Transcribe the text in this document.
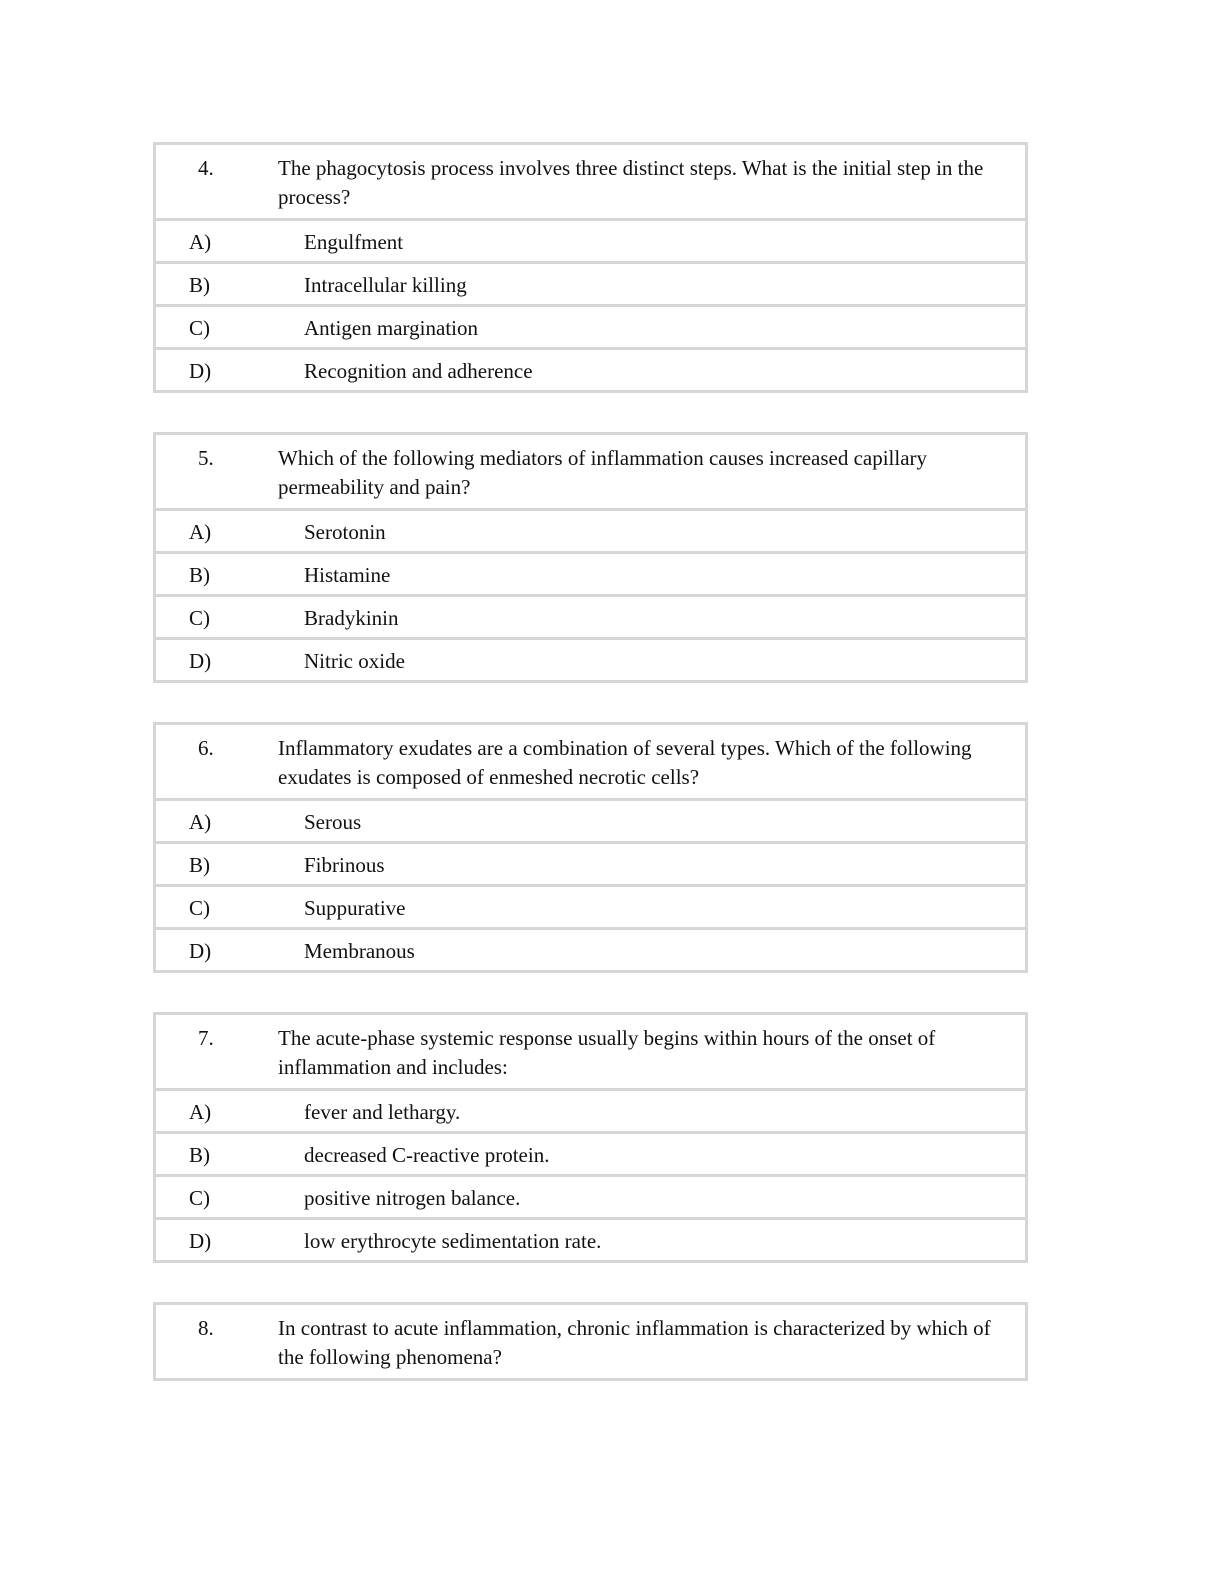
4.	The phagocytosis process involves three distinct steps. What is the initial step in the process?
A)	Engulfment
B)	Intracellular killing
C)	Antigen margination
D)	Recognition and adherence
5.	Which of the following mediators of inflammation causes increased capillary permeability and pain?
A)	Serotonin
B)	Histamine
C)	Bradykinin
D)	Nitric oxide
6.	Inflammatory exudates are a combination of several types. Which of the following exudates is composed of enmeshed necrotic cells?
A)	Serous
B)	Fibrinous
C)	Suppurative
D)	Membranous
7.	The acute-phase systemic response usually begins within hours of the onset of inflammation and includes:
A)	fever and lethargy.
B)	decreased C-reactive protein.
C)	positive nitrogen balance.
D)	low erythrocyte sedimentation rate.
8.	In contrast to acute inflammation, chronic inflammation is characterized by which of the following phenomena?
